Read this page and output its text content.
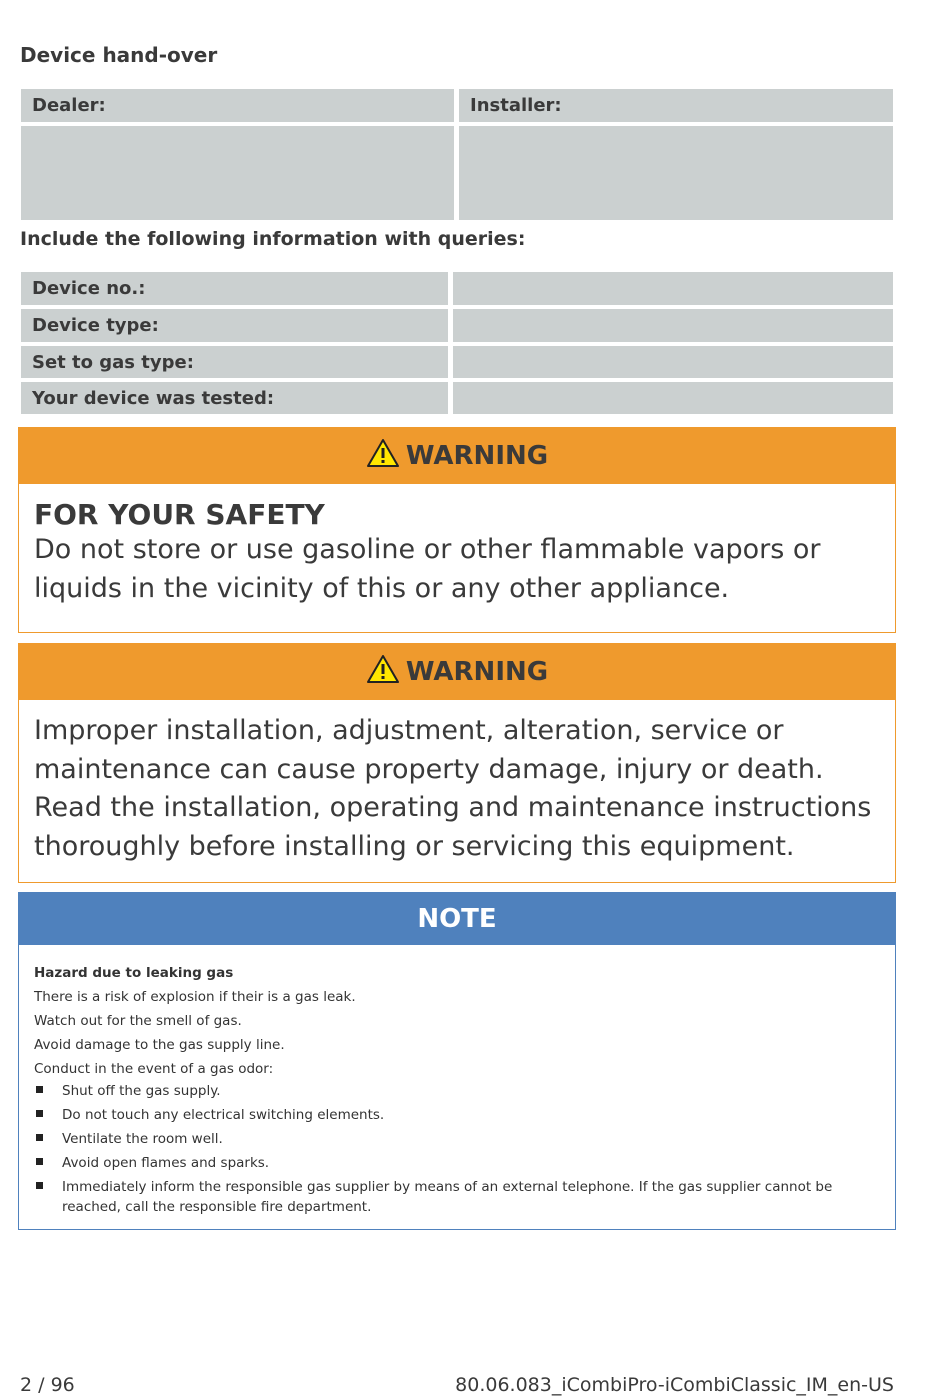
Device hand-over
Dealer:	Installer:
Include the following information with queries:
Device no.:
Device type:
Set to gas type:
Your device was tested:
WARNING
FOR YOUR SAFETY
Do not store or use gasoline or other flammable vapors or liquids in the vicinity of this or any other appliance.
WARNING
Improper installation, adjustment, alteration, service or maintenance can cause property damage, injury or death. Read the installation, operating and maintenance instructions thoroughly before installing or servicing this equipment.
NOTE
Hazard due to leaking gas
There is a risk of explosion if their is a gas leak.
Watch out for the smell of gas.
Avoid damage to the gas supply line.
Conduct in the event of a gas odor:
Shut off the gas supply.
Do not touch any electrical switching elements.
Ventilate the room well.
Avoid open flames and sparks.
Immediately inform the responsible gas supplier by means of an external telephone. If the gas supplier cannot be reached, call the responsible fire department.
2 / 96	80.06.083_iCombiPro-iCombiClassic_IM_en-US
